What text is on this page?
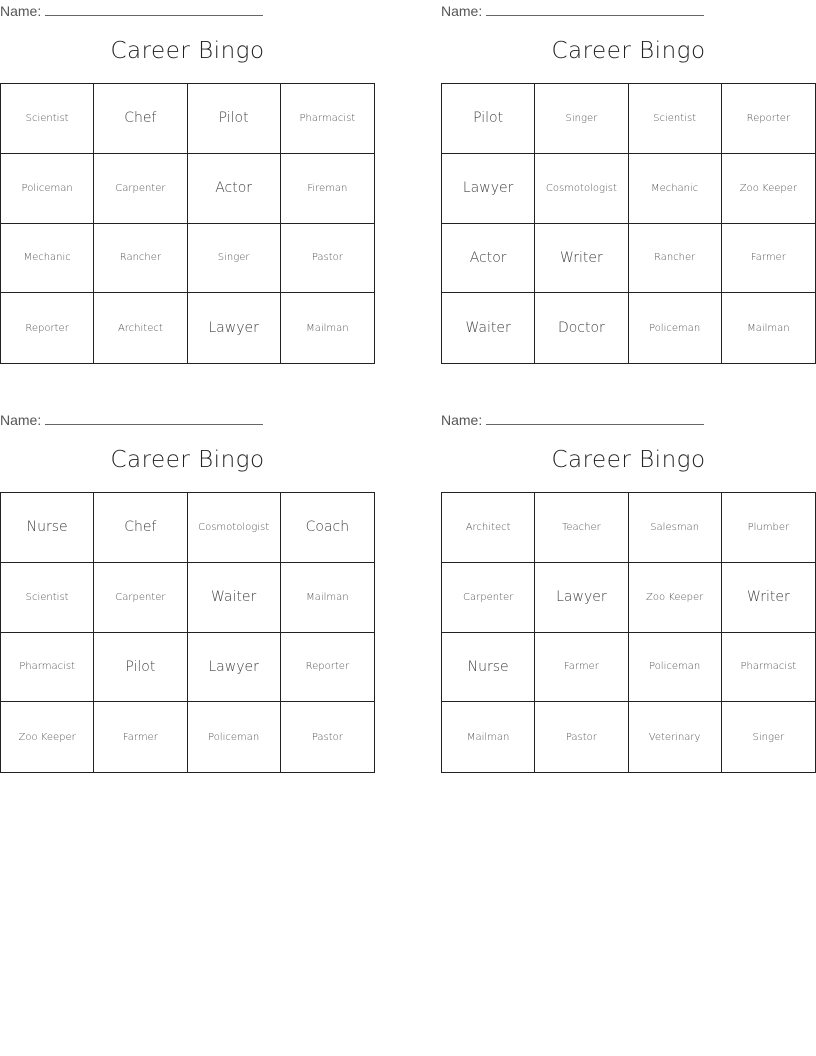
Name:
Career Bingo
Scientist	Chef	Pilot	Pharmacist
Policeman	Carpenter	Actor	Fireman
Mechanic	Rancher	Singer	Pastor
Reporter	Architect	Lawyer	Mailman
Name:
Career Bingo
Pilot	Singer	Scientist	Reporter
Lawyer	Cosmotologist	Mechanic	Zoo Keeper
Actor	Writer	Rancher	Farmer
Waiter	Doctor	Policeman	Mailman
Name:
Career Bingo
Nurse	Chef	Cosmotologist	Coach
Scientist	Carpenter	Waiter	Mailman
Pharmacist	Pilot	Lawyer	Reporter
Zoo Keeper	Farmer	Policeman	Pastor
Name:
Career Bingo
Architect	Teacher	Salesman	Plumber
Carpenter	Lawyer	Zoo Keeper	Writer
Nurse	Farmer	Policeman	Pharmacist
Mailman	Pastor	Veterinary	Singer
